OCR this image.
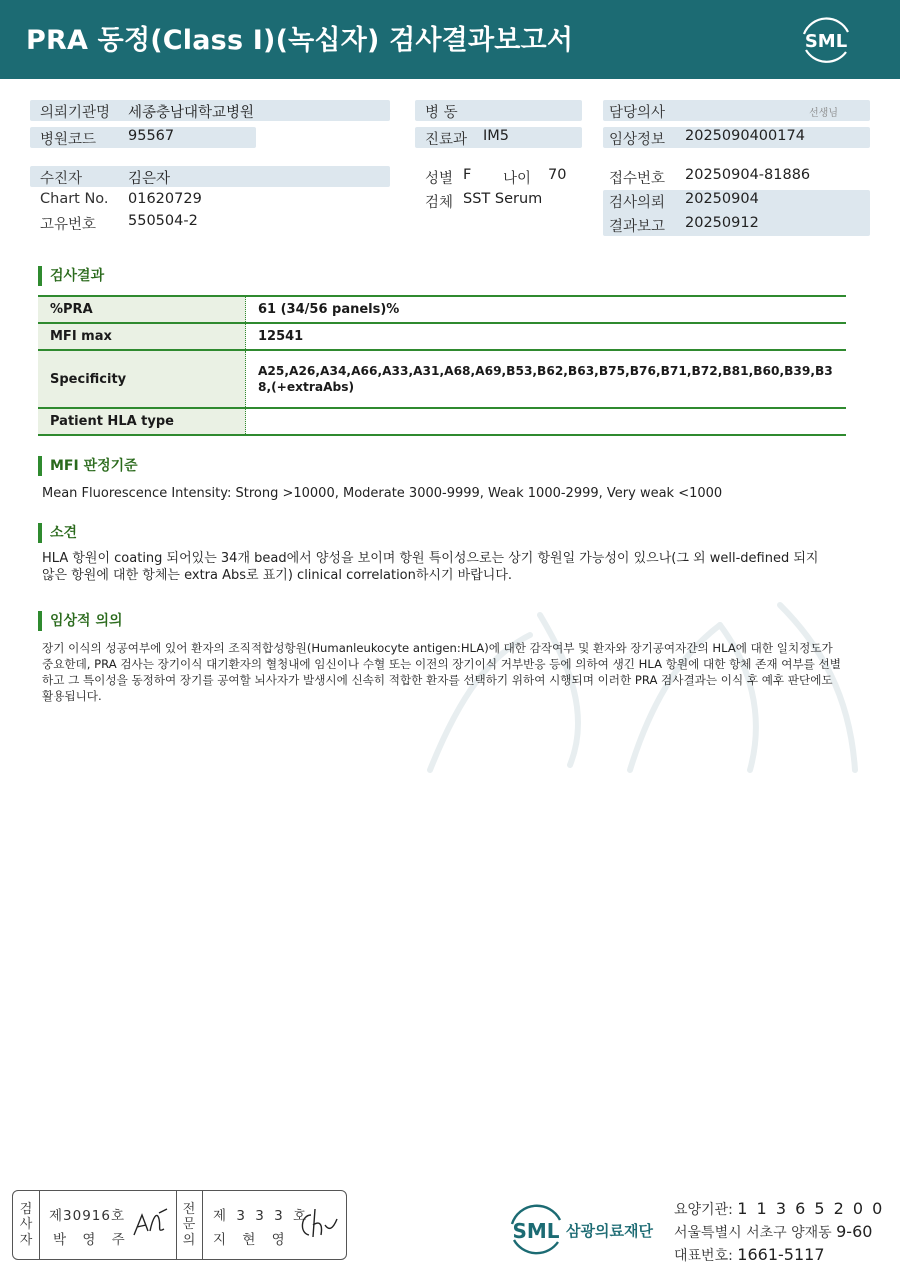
PRA 동정(Class I)(녹십자) 검사결과보고서	SML
의뢰기관명 세종충남대학교병원
병원코드 95567
병 동
진료과 IM5
담당의사	선생님
임상정보 2025090400174
수진자	김은자
Chart No. 01620729
고유번호 550504-2
성별 F 나이 70
검체 SST Serum
접수번호 20250904-81886
검사의뢰 20250904
결과보고 20250912
검사결과
%PRA	61 (34/56 panels)%
MFI max	12541
Specificity	A25,A26,A34,A66,A33,A31,A68,A69,B53,B62,B63,B75,B76,B71,B72,B81,B60,B39,B38,(+extraAbs)
Patient HLA type	
MFI 판정기준
Mean Fluorescence Intensity: Strong >10000, Moderate 3000-9999, Weak 1000-2999, Very weak <1000
소견
HLA 항원이 coating 되어있는 34개 bead에서 양성을 보이며 항원 특이성으로는 상기 항원일 가능성이 있으나(그 외 well-defined 되지 않은 항원에 대한 항체는 extra Abs로 표기) clinical correlation하시기 바랍니다.
임상적 의의
장기 이식의 성공여부에 있어 환자의 조직적합성항원(Humanleukocyte antigen:HLA)에 대한 감작여부 및 환자와 장기공여자간의 HLA에 대한 일치정도가 중요한데, PRA 검사는 장기이식 대기환자의 혈청내에 임신이나 수혈 또는 이전의 장기이식 거부반응 등에 의하여 생긴 HLA 항원에 대한 항체 존재 여부를 선별하고 그 특이성을 동정하여 장기를 공여할 뇌사자가 발생시에 신속히 적합한 환자를 선택하기 위하여 시행되며 이러한 PRA 검사결과는 이식 후 예후 판단에도 활용됩니다.
검사자
제30916호
박 영 주
전문의
제 3 3 3 호
지 현 영	SML 삼광의료재단
요양기관: 1 1 3 6 5 2 0 0
서울특별시 서초구 양재동 9-60
대표번호: 1661-5117
